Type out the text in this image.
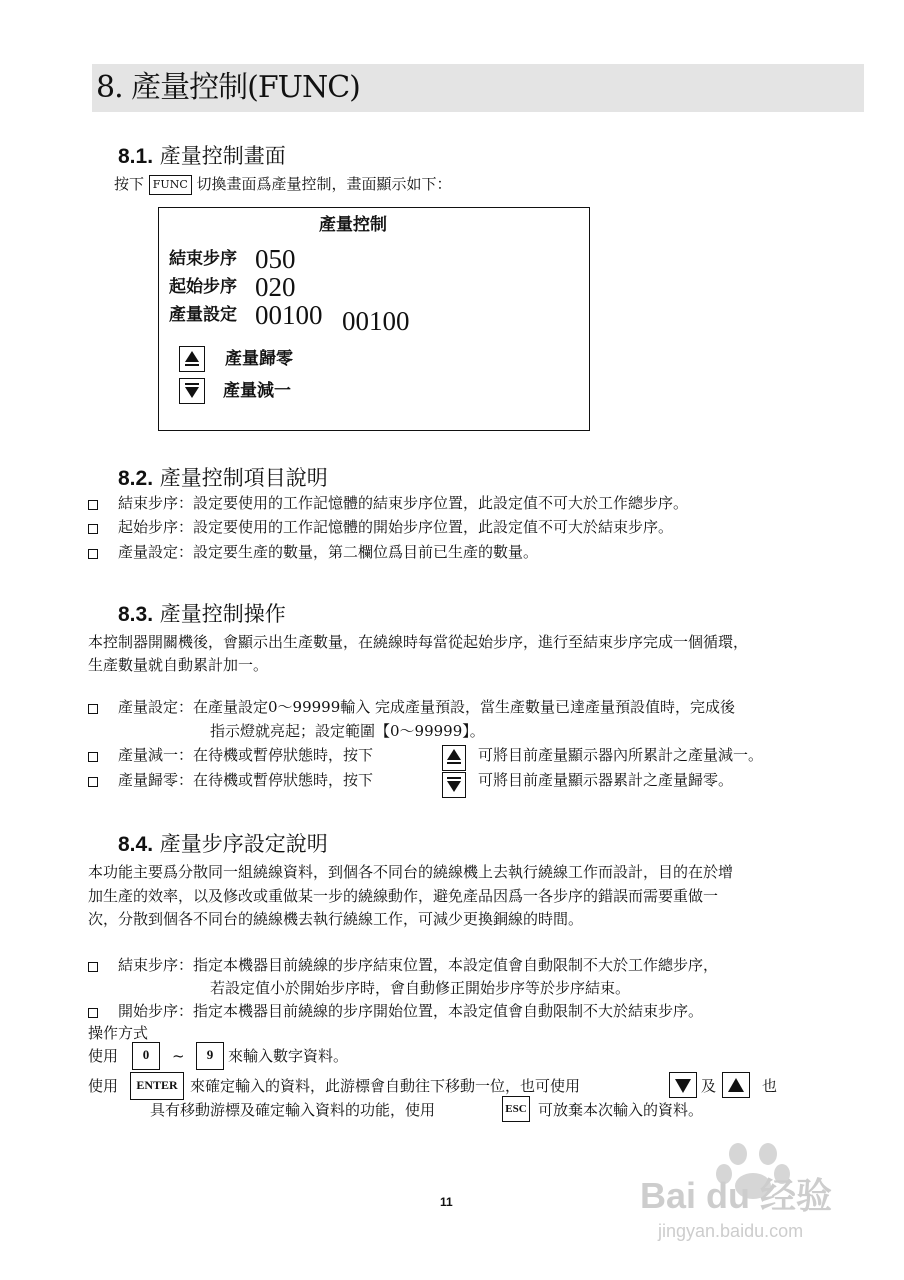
8. 產量控制(FUNC)
8.1. 產量控制畫面
按下 FUNC 切換畫面爲產量控制，畫面顯示如下：
產量控制
結束步序 050
起始步序 020
產量設定 00100 00100
產量歸零
產量減一
8.2. 產量控制項目說明
結束步序：設定要使用的工作記憶體的結束步序位置，此設定值不可大於工作總步序。
起始步序：設定要使用的工作記憶體的開始步序位置，此設定值不可大於結束步序。
產量設定：設定要生產的數量，第二欄位爲目前已生產的數量。
8.3. 產量控制操作
本控制器開關機後，會顯示出生產數量，在繞線時每當從起始步序，進行至結束步序完成一個循環，
生產數量就自動累計加一。
產量設定：在產量設定0～99999輸入 完成產量預設，當生產數量已達產量預設值時，完成後
指示燈就亮起；設定範圍【0～99999】。
產量減一：在待機或暫停狀態時，按下	可將目前產量顯示器內所累計之產量減一。
產量歸零：在待機或暫停狀態時，按下	可將目前產量顯示器累計之產量歸零。
8.4. 產量步序設定說明
本功能主要爲分散同一組繞線資料，到個各不同台的繞線機上去執行繞線工作而設計，目的在於增
加生產的效率，以及修改或重做某一步的繞線動作，避免產品因爲一各步序的錯誤而需要重做一
次，分散到個各不同台的繞線機去執行繞線工作，可減少更換銅線的時間。
結束步序：指定本機器目前繞線的步序結束位置，本設定值會自動限制不大於工作總步序，
若設定值小於開始步序時，會自動修正開始步序等於步序結束。
開始步序：指定本機器目前繞線的步序開始位置，本設定值會自動限制不大於結束步序。
操作方式
使用	0	~	9 來輸入數字資料。
使用	ENTER 來確定輸入的資料，此游標會自動往下移動一位，也可使用	及	也
具有移動游標及確定輸入資料的功能，使用	ESC 可放棄本次輸入的資料。
11	Bai du 经验
jingyan.baidu.com
